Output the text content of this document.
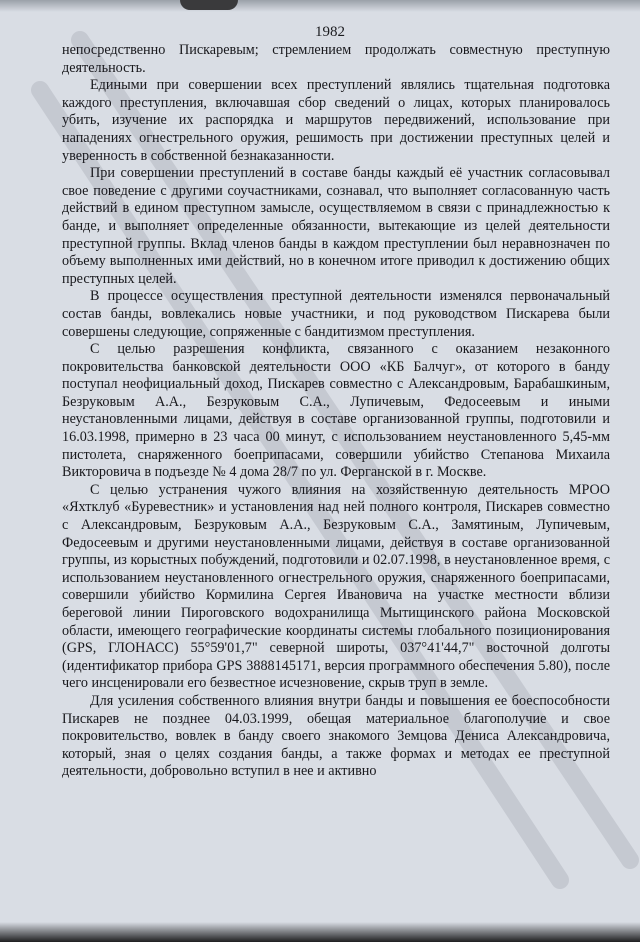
1982

непосредственно Пискаревым; стремлением продолжать совместную преступную деятельность.

Едиными при совершении всех преступлений являлись тщательная подготовка каждого преступления, включавшая сбор сведений о лицах, которых планировалось убить, изучение их распорядка и маршрутов передвижений, использование при нападениях огнестрельного оружия, решимость при достижении преступных целей и уверенность в собственной безнаказанности.

При совершении преступлений в составе банды каждый её участник согласовывал свое поведение с другими соучастниками, сознавал, что выполняет согласованную часть действий в едином преступном замысле, осуществляемом в связи с принадлежностью к банде, и выполняет определенные обязанности, вытекающие из целей деятельности преступной группы. Вклад членов банды в каждом преступлении был неравнозначен по объему выполненных ими действий, но в конечном итоге приводил к достижению общих преступных целей.

В процессе осуществления преступной деятельности изменялся первоначальный состав банды, вовлекались новые участники, и под руководством Пискарева были совершены следующие, сопряженные с бандитизмом преступления.

С целью разрешения конфликта, связанного с оказанием незаконного покровительства банковской деятельности ООО «КБ Балчуг», от которого в банду поступал неофициальный доход, Пискарев совместно с Александровым, Барабашкиным, Безруковым А.А., Безруковым С.А., Лупичевым, Федосеевым и иными неустановленными лицами, действуя в составе организованной группы, подготовили и 16.03.1998, примерно в 23 часа 00 минут, с использованием неустановленного 5,45-мм пистолета, снаряженного боеприпасами, совершили убийство Степанова Михаила Викторовича в подъезде № 4 дома 28/7 по ул. Ферганской в г. Москве.

С целью устранения чужого влияния на хозяйственную деятельность МРОО «Яхтклуб «Буревестник» и установления над ней полного контроля, Пискарев совместно с Александровым, Безруковым А.А., Безруковым С.А., Замятиным, Лупичевым, Федосеевым и другими неустановленными лицами, действуя в составе организованной группы, из корыстных побуждений, подготовили и 02.07.1998, в неустановленное время, с использованием неустановленного огнестрельного оружия, снаряженного боеприпасами, совершили убийство Кормилина Сергея Ивановича на участке местности вблизи береговой линии Пироговского водохранилища Мытищинского района Московской области, имеющего географические координаты системы глобального позиционирования (GPS, ГЛОНАСС) 55°59'01,7" северной широты, 037°41'44,7" восточной долготы (идентификатор прибора GPS 3888145171, версия программного обеспечения 5.80), после чего инсценировали его безвестное исчезновение, скрыв труп в земле.

Для усиления собственного влияния внутри банды и повышения ее боеспособности Пискарев не позднее 04.03.1999, обещая материальное благополучие и свое покровительство, вовлек в банду своего знакомого Земцова Дениса Александровича, который, зная о целях создания банды, а также формах и методах ее преступной деятельности, добровольно вступил в нее и активно
